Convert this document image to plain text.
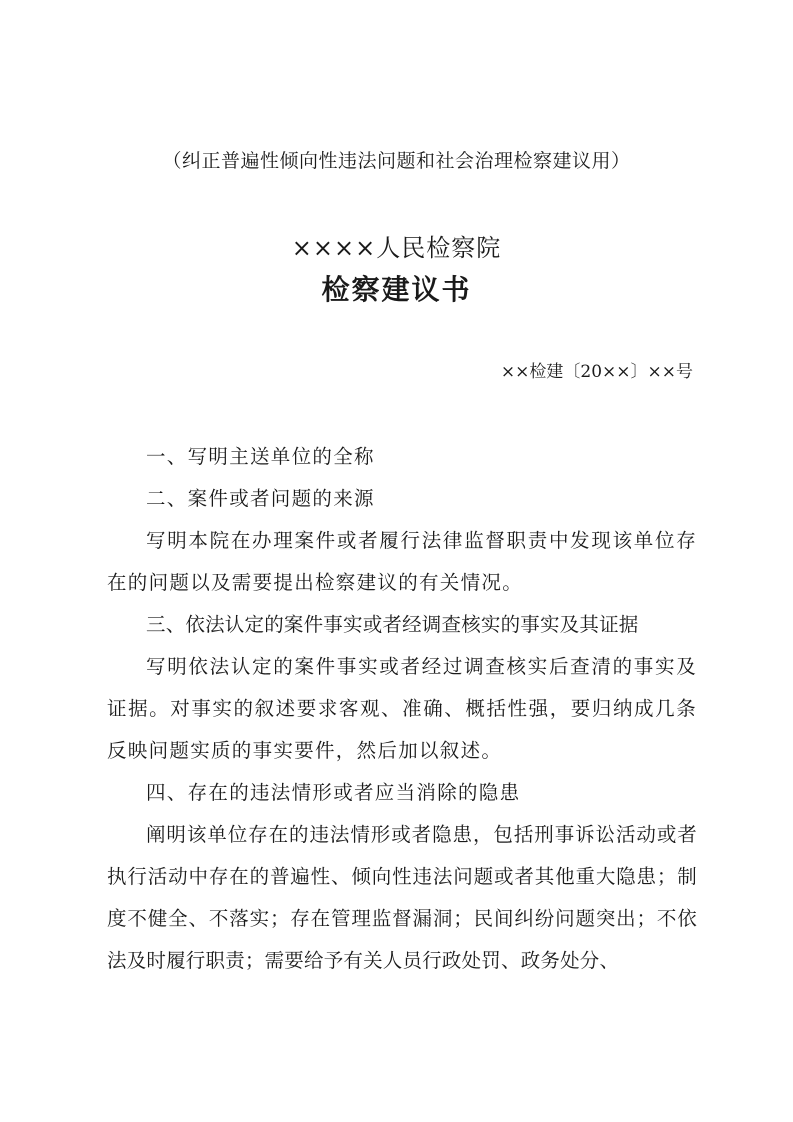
（纠正普遍性倾向性违法问题和社会治理检察建议用）
××××人民检察院
检察建议书
××检建〔20××〕××号

一、写明主送单位的全称

二、案件或者问题的来源

写明本院在办理案件或者履行法律监督职责中发现该单位存在的问题以及需要提出检察建议的有关情况。

三、依法认定的案件事实或者经调查核实的事实及其证据

写明依法认定的案件事实或者经过调查核实后查清的事实及证据。对事实的叙述要求客观、准确、概括性强，要归纳成几条反映问题实质的事实要件，然后加以叙述。

四、存在的违法情形或者应当消除的隐患

阐明该单位存在的违法情形或者隐患，包括刑事诉讼活动或者执行活动中存在的普遍性、倾向性违法问题或者其他重大隐患；制度不健全、不落实；存在管理监督漏洞；民间纠纷问题突出；不依法及时履行职责；需要给予有关人员行政处罚、政务处分、
